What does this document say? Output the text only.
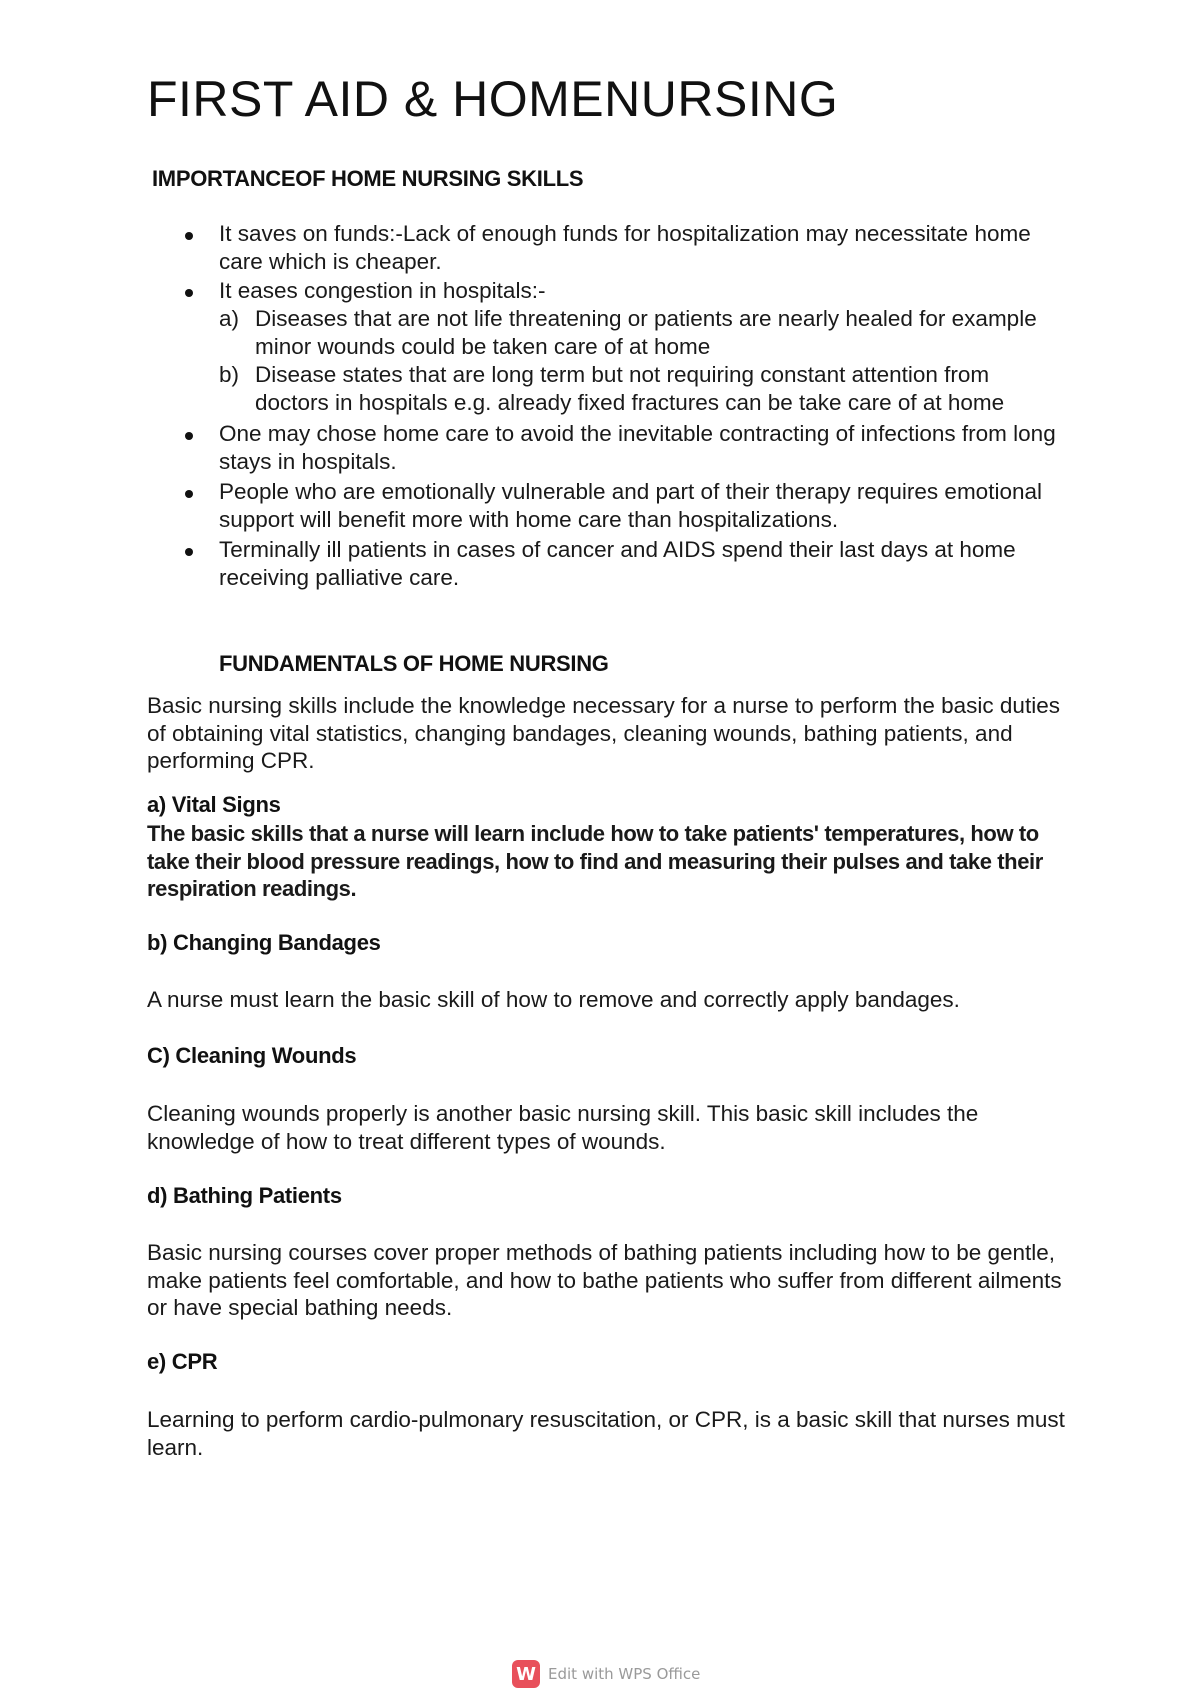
FIRST AID & HOMENURSING
IMPORTANCEOF HOME NURSING SKILLS
It saves on funds:-Lack of enough funds for hospitalization may necessitate home care which is cheaper.
It eases congestion in hospitals:-
a) Diseases that are not life threatening or patients are nearly healed for example minor wounds could be taken care of at home
b) Disease states that are long term but not requiring constant attention from doctors in hospitals e.g. already fixed fractures can be take care of at home
One may chose home care to avoid the inevitable contracting of infections from long stays in hospitals.
People who are emotionally vulnerable and part of their therapy requires emotional support will benefit more with home care than hospitalizations.
Terminally ill patients in cases of cancer and AIDS spend their last days at home receiving palliative care.
FUNDAMENTALS OF HOME NURSING

Basic nursing skills include the knowledge necessary for a nurse to perform the basic duties of obtaining vital statistics, changing bandages, cleaning wounds, bathing patients, and performing CPR.

a) Vital Signs

The basic skills that a nurse will learn include how to take patients' temperatures, how to take their blood pressure readings, how to find and measuring their pulses and take their respiration readings.

b) Changing Bandages

A nurse must learn the basic skill of how to remove and correctly apply bandages.

C) Cleaning Wounds

Cleaning wounds properly is another basic nursing skill. This basic skill includes the knowledge of how to treat different types of wounds.

d) Bathing Patients

Basic nursing courses cover proper methods of bathing patients including how to be gentle, make patients feel comfortable, and how to bathe patients who suffer from different ailments or have special bathing needs.

e) CPR

Learning to perform cardio-pulmonary resuscitation, or CPR, is a basic skill that nurses must learn.

W Edit with WPS Office
